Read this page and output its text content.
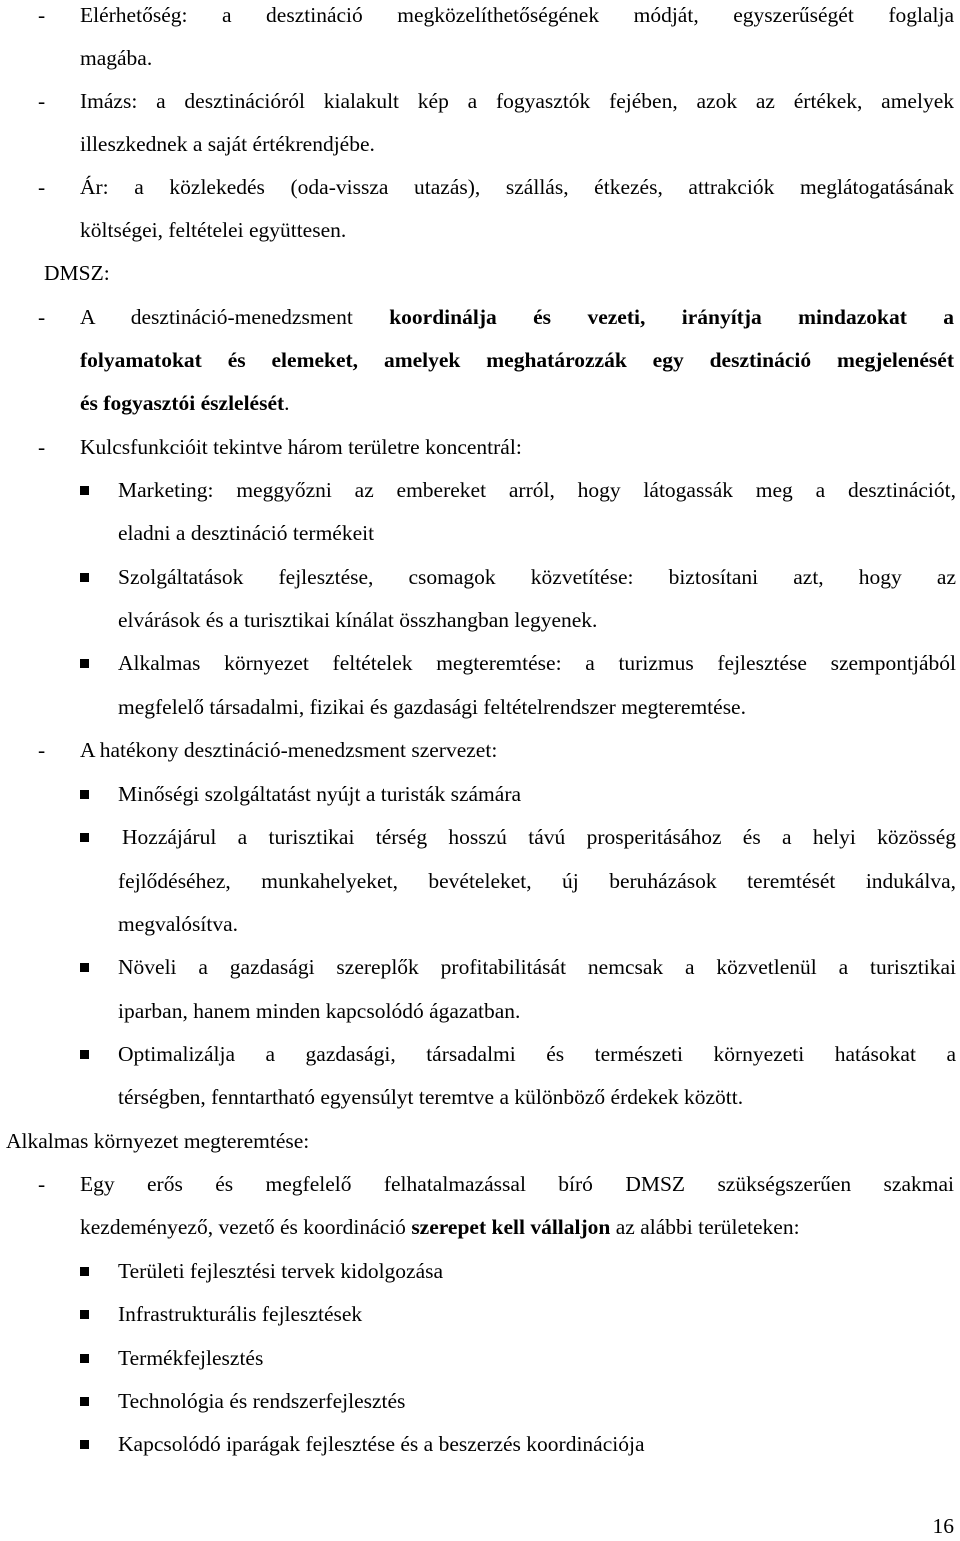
- Elérhetőség: a desztináció megközelíthetőségének módját, egyszerűségét foglalja
magába.
- Imázs: a desztinációról kialakult kép a fogyasztók fejében, azok az értékek, amelyek
illeszkednek a saját értékrendjébe.
- Ár: a közlekedés (oda-vissza utazás), szállás, étkezés, attrakciók meglátogatásának
költségei, feltételei együttesen.
DMSZ:
- A desztináció-menedzsment koordinálja és vezeti, irányítja mindazokat a
folyamatokat és elemeket, amelyek meghatározzák egy desztináció megjelenését
és fogyasztói észlelését.
- Kulcsfunkcióit tekintve három területre koncentrál:
Marketing: meggyőzni az embereket arról, hogy látogassák meg a desztinációt,
eladni a desztináció termékeit
Szolgáltatások fejlesztése, csomagok közvetítése: biztosítani azt, hogy az
elvárások és a turisztikai kínálat összhangban legyenek.
Alkalmas környezet feltételek megteremtése: a turizmus fejlesztése szempontjából
megfelelő társadalmi, fizikai és gazdasági feltételrendszer megteremtése.
- A hatékony desztináció-menedzsment szervezet:
Minőségi szolgáltatást nyújt a turisták számára
Hozzájárul a turisztikai térség hosszú távú prosperitásához és a helyi közösség
fejlődéséhez, munkahelyeket, bevételeket, új beruházások teremtését indukálva,
megvalósítva.
Növeli a gazdasági szereplők profitabilitását nemcsak a közvetlenül a turisztikai
iparban, hanem minden kapcsolódó ágazatban.
Optimalizálja a gazdasági, társadalmi és természeti környezeti hatásokat a
térségben, fenntartható egyensúlyt teremtve a különböző érdekek között.
Alkalmas környezet megteremtése:
- Egy erős és megfelelő felhatalmazással bíró DMSZ szükségszerűen szakmai
kezdeményező, vezető és koordináció szerepet kell vállaljon az alábbi területeken:
Területi fejlesztési tervek kidolgozása
Infrastrukturális fejlesztések
Termékfejlesztés
Technológia és rendszerfejlesztés
Kapcsolódó iparágak fejlesztése és a beszerzés koordinációja
16
